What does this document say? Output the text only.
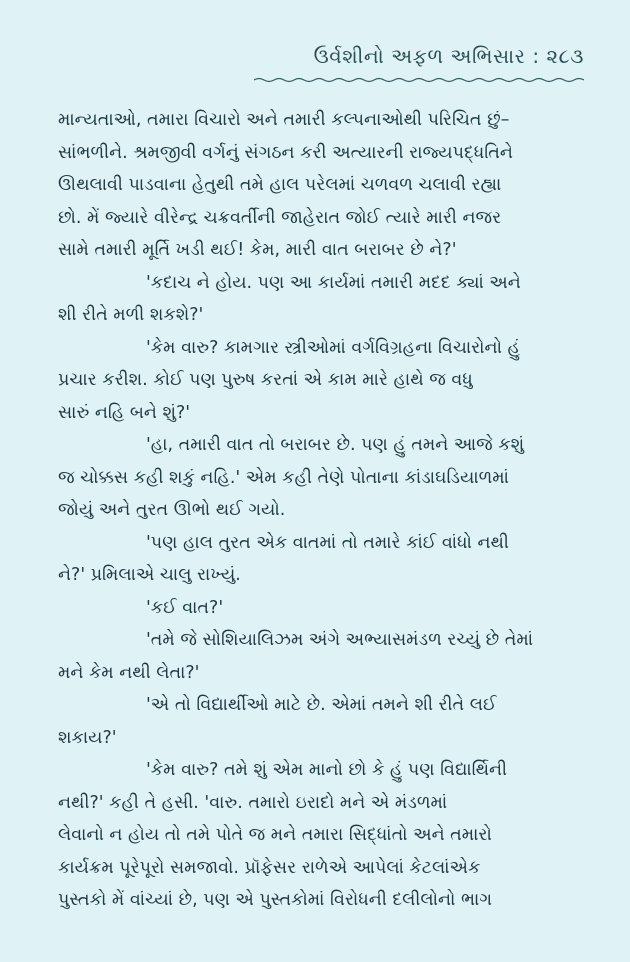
ઉર્વશીનો અફળ અભિસાર : ૨૮૩
માન્યતાઓ, તમારા વિચારો અને તમારી કલ્પનાઓથી પરિચિત છું–
સાંભળીને. શ્રમજીવી વર્ગનું સંગઠન કરી અત્યારની રાજ્યપદ્ધતિને
ઊથલાવી પાડવાના હેતુથી તમે હાલ પરેલમાં ચળવળ ચલાવી રહ્યા
છો. મેં જ્યારે વીરેન્દ્ર ચક્રવર્તીની જાહેરાત જોઈ ત્યારે મારી નજર
સામે તમારી મૂર્તિ ખડી થઈ! કેમ, મારી વાત બરાબર છે ને?'
'કદાચ ને હોય. પણ આ કાર્યમાં તમારી મદદ ક્યાં અને
શી રીતે મળી શકશે?'
'કેમ વારુ? કામગાર સ્ત્રીઓમાં વર્ગવિગ્રહના વિચારોનો હું
પ્રચાર કરીશ. કોઈ પણ પુરુષ કરતાં એ કામ મારે હાથે જ વધુ
સારું નહિ બને શું?'
'હા, તમારી વાત તો બરાબર છે. પણ હું તમને આજે કશું
જ ચોક્કસ કહી શકું નહિ.' એમ કહી તેણે પોતાના કાંડાઘડિયાળમાં
જોયું અને તુરત ઊભો થઈ ગયો.
'પણ હાલ તુરત એક વાતમાં તો તમારે કાંઈ વાંધો નથી
ને?' પ્રમિલાએ ચાલુ રાખ્યું.
'કઈ વાત?'
'તમે જે સોશિયાલિઝમ અંગે અભ્યાસમંડળ રચ્યું છે તેમાં
મને કેમ નથી લેતા?'
'એ તો વિદ્યાર્થીઓ માટે છે. એમાં તમને શી રીતે લઈ
શકાય?'
'કેમ વારુ? તમે શું એમ માનો છો કે હું પણ વિદ્યાર્થિની
નથી?' કહી તે હસી. 'વારુ. તમારો ઇરાદો મને એ મંડળમાં
લેવાનો ન હોય તો તમે પોતે જ મને તમારા સિદ્ધાંતો અને તમારો
કાર્યક્રમ પૂરેપૂરો સમજાવો. પ્રૉફેસર રાળેએ આપેલાં કેટલાંએક
પુસ્તકો મેં વાંચ્યાં છે, પણ એ પુસ્તકોમાં વિરોધની દલીલોનો ભાગ
